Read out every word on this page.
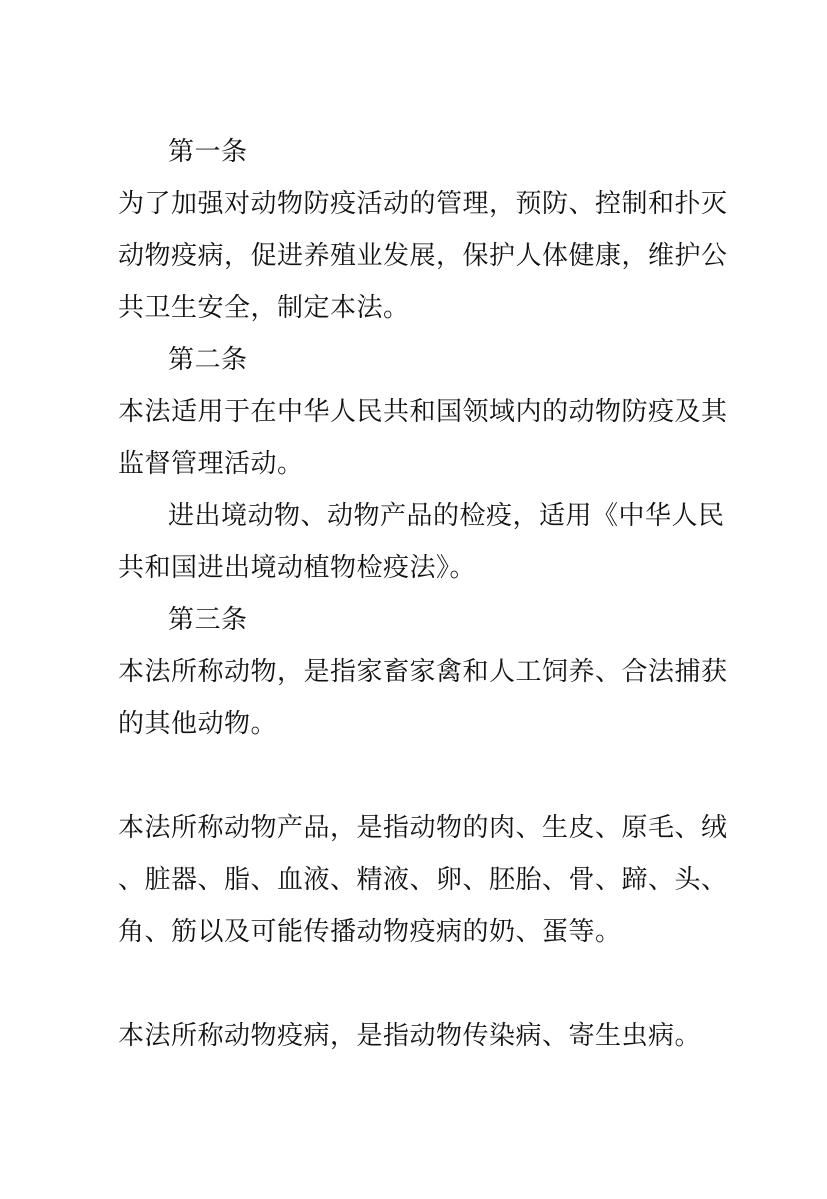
第一条
为了加强对动物防疫活动的管理，预防、控制和扑灭
动物疫病，促进养殖业发展，保护人体健康，维护公
共卫生安全，制定本法。
第二条
本法适用于在中华人民共和国领域内的动物防疫及其
监督管理活动。
进出境动物、动物产品的检疫，适用《中华人民
共和国进出境动植物检疫法》。
第三条
本法所称动物，是指家畜家禽和人工饲养、合法捕获
的其他动物。
本法所称动物产品，是指动物的肉、生皮、原毛、绒
、脏器、脂、血液、精液、卵、胚胎、骨、蹄、头、
角、筋以及可能传播动物疫病的奶、蛋等。
本法所称动物疫病，是指动物传染病、寄生虫病。
